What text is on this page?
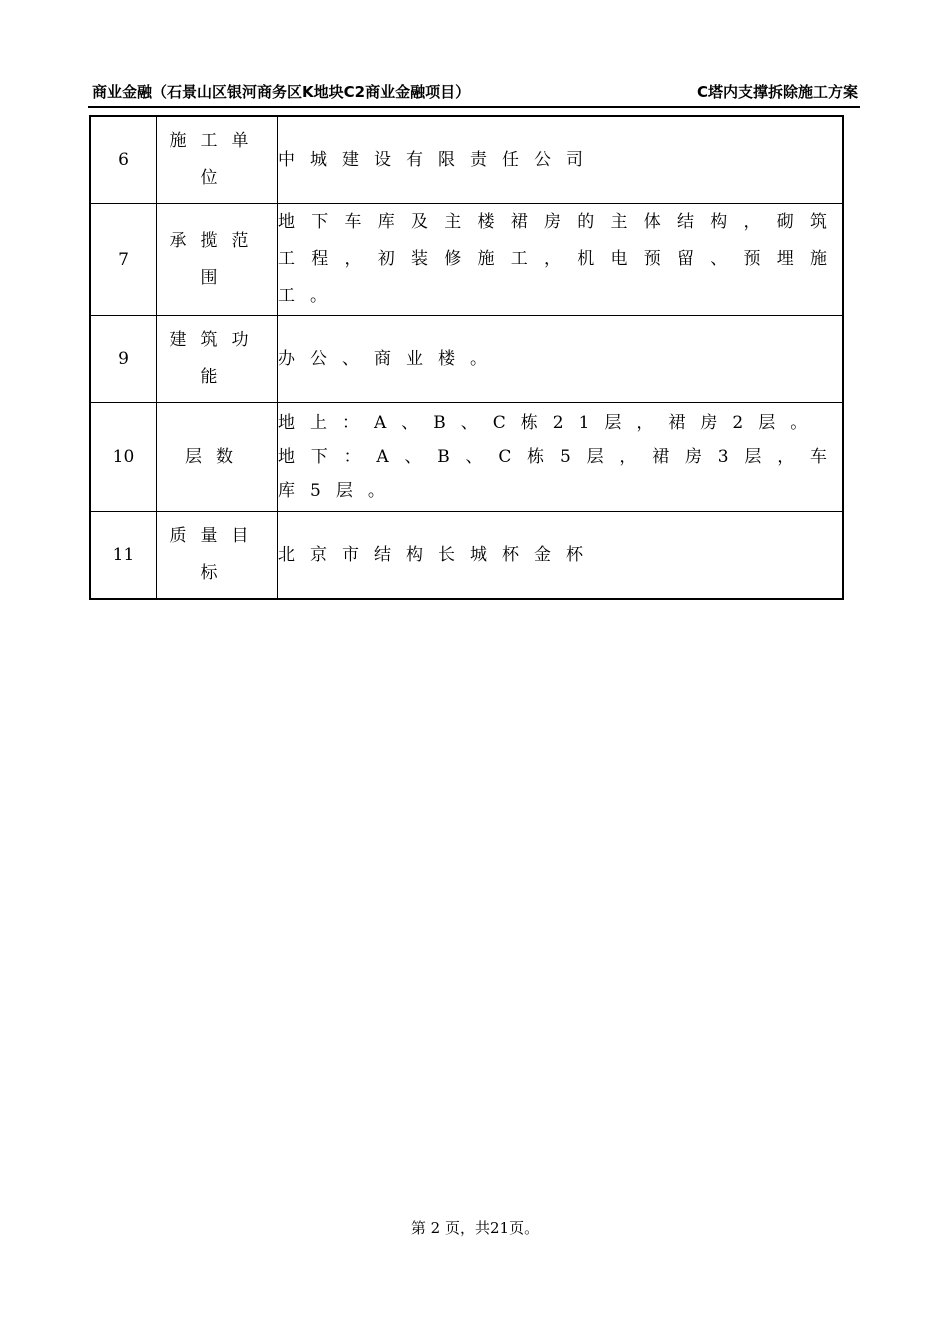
商业金融（石景山区银河商务区K地块C2商业金融项目）	C塔内支撑拆除施工方案
6	施工单位	中城建设有限责任公司

7	承揽范围	地下车库及主楼裙房的主体结构，砌筑工程，初装修施工，机电预留、预埋施工。

9	建筑功能	办公、商业楼。

10	层数	地上：A、B、C栋21层，裙房2层。
地下：A、B、C栋5层，裙房3层，车库5层。

11	质量目标	北京市结构长城杯金杯
第 2 页，共21页。
